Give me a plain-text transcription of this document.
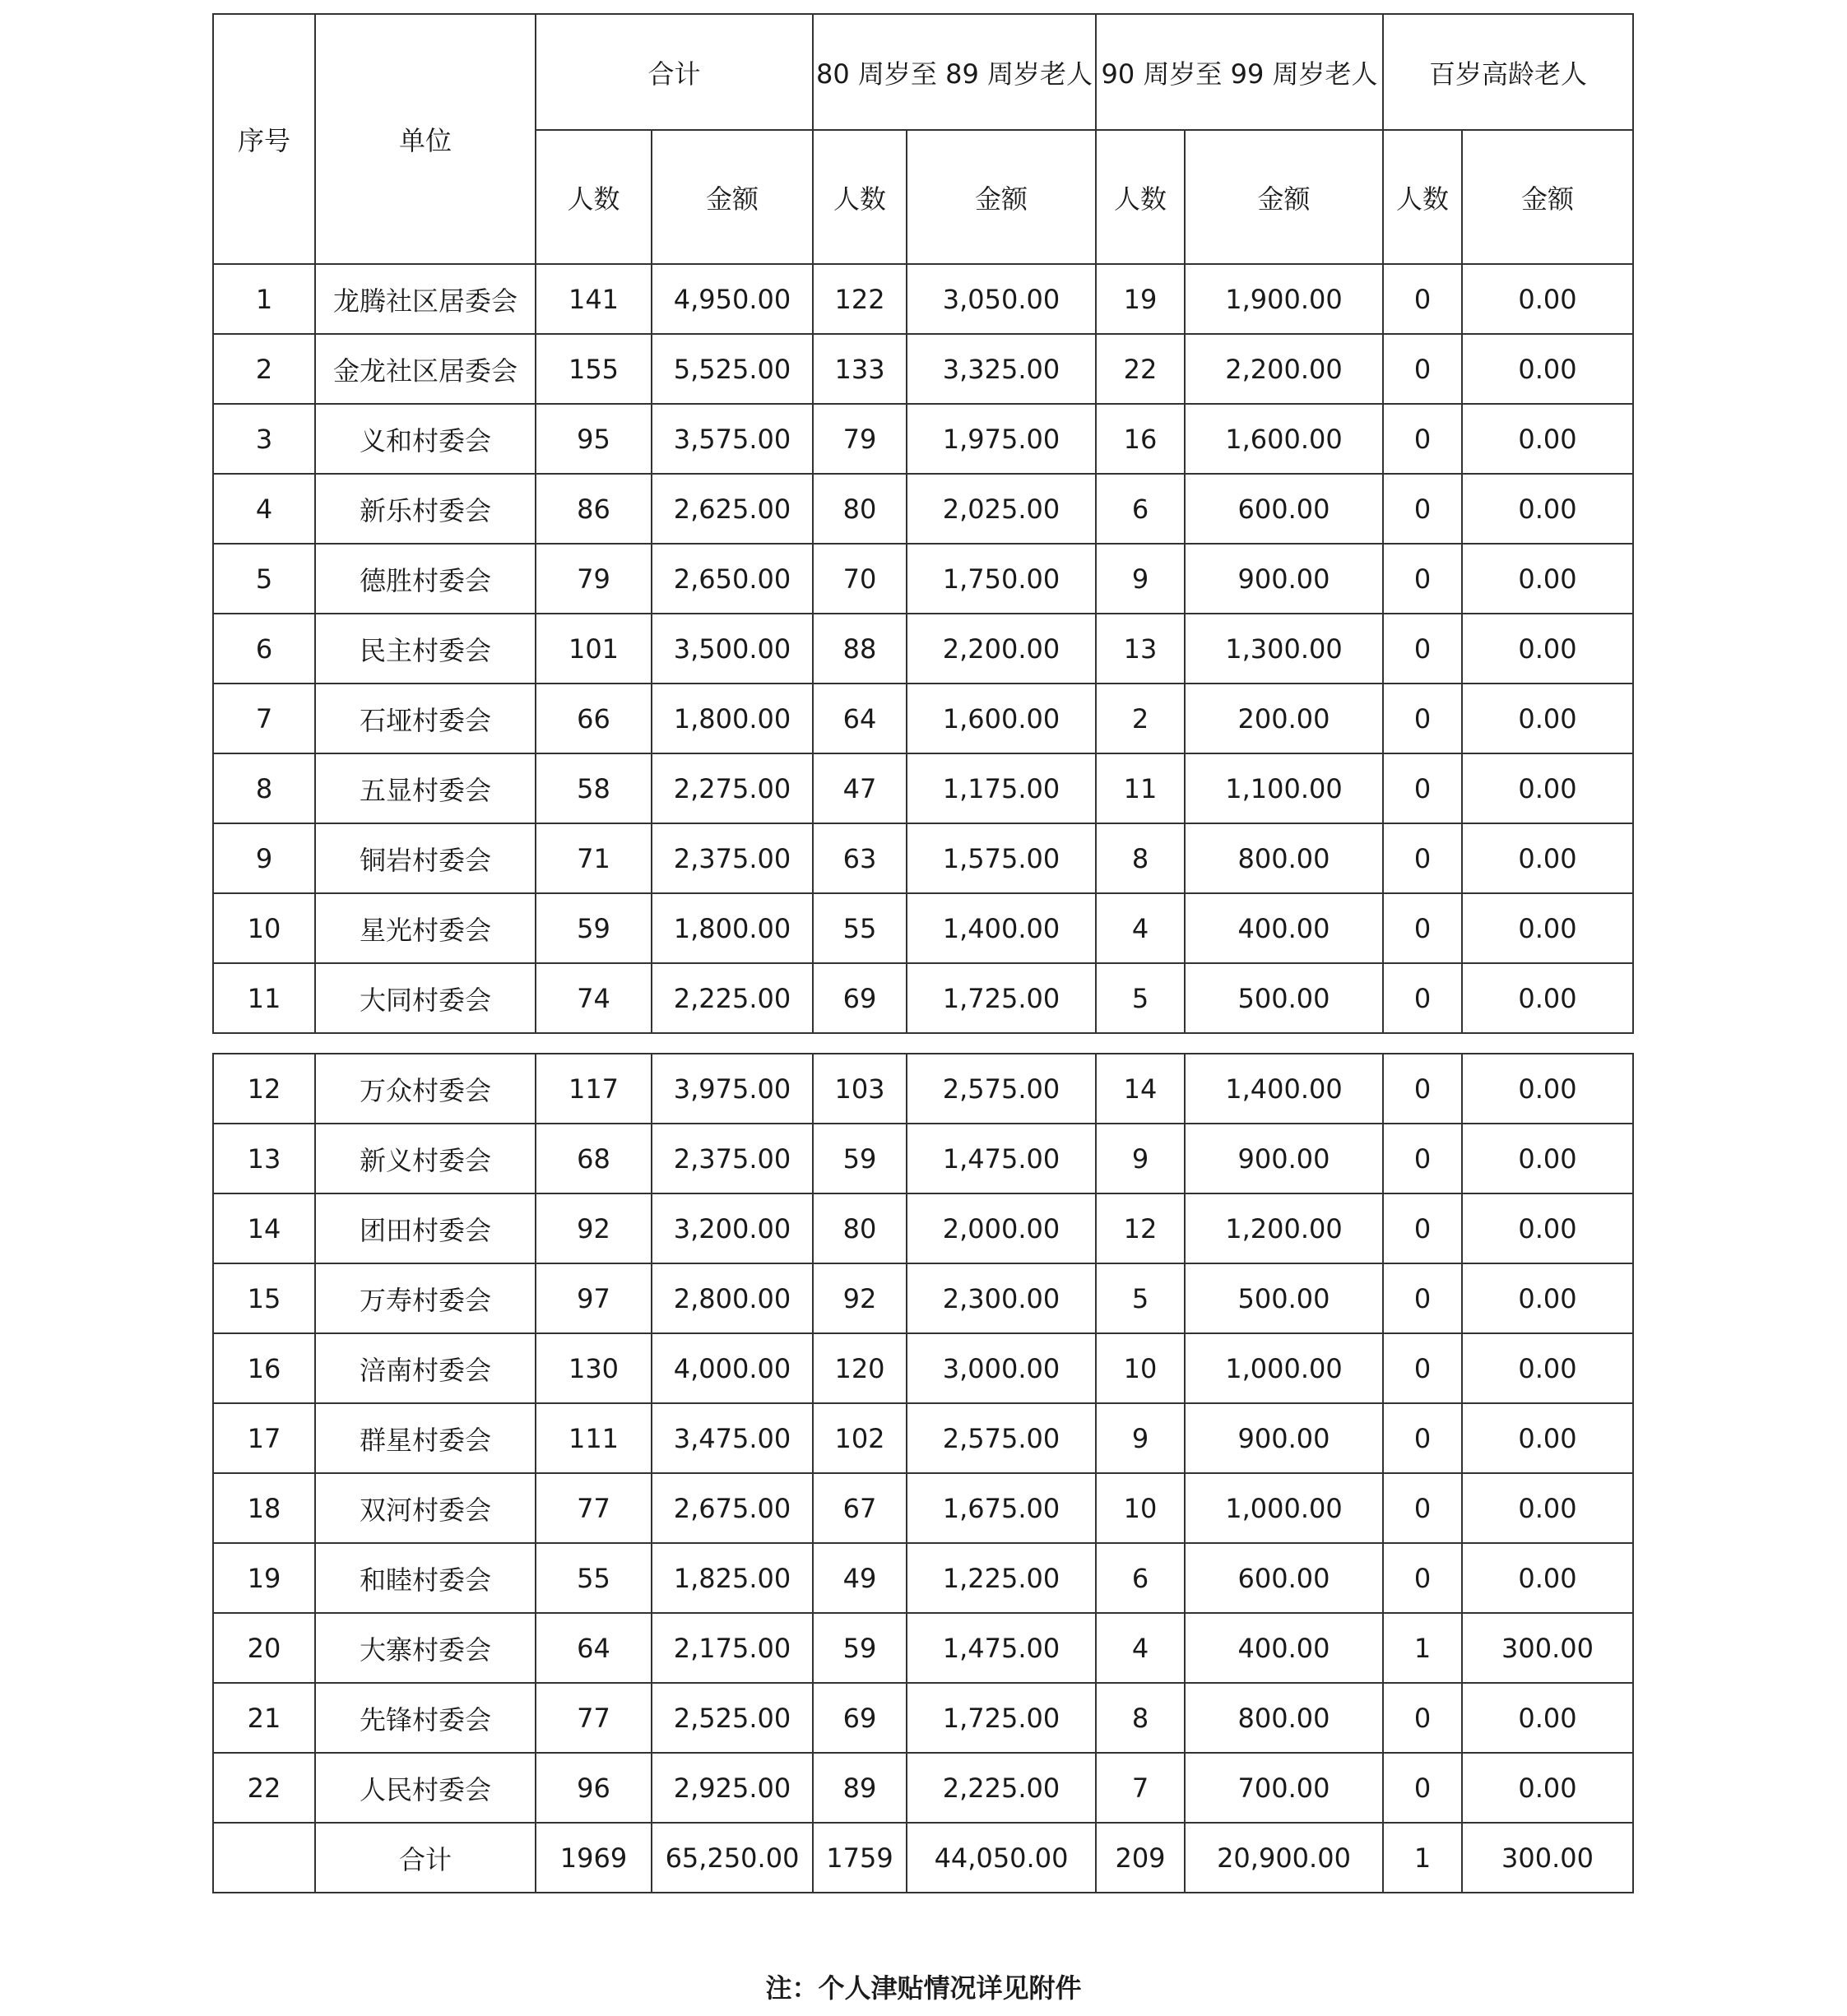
序号	单位	合计		80 周岁至 89 周岁老人		90 周岁至 99 周岁老人		百岁高龄老人	
		人数	金额	人数	金额	人数	金额	人数	金额
1	龙腾社区居委会	141	4,950.00	122	3,050.00	19	1,900.00	0	0.00
2	金龙社区居委会	155	5,525.00	133	3,325.00	22	2,200.00	0	0.00
3	义和村委会	95	3,575.00	79	1,975.00	16	1,600.00	0	0.00
4	新乐村委会	86	2,625.00	80	2,025.00	6	600.00	0	0.00
5	德胜村委会	79	2,650.00	70	1,750.00	9	900.00	0	0.00
6	民主村委会	101	3,500.00	88	2,200.00	13	1,300.00	0	0.00
7	石垭村委会	66	1,800.00	64	1,600.00	2	200.00	0	0.00
8	五显村委会	58	2,275.00	47	1,175.00	11	1,100.00	0	0.00
9	铜岩村委会	71	2,375.00	63	1,575.00	8	800.00	0	0.00
10	星光村委会	59	1,800.00	55	1,400.00	4	400.00	0	0.00
11	大同村委会	74	2,225.00	69	1,725.00	5	500.00	0	0.00
12	万众村委会	117	3,975.00	103	2,575.00	14	1,400.00	0	0.00
13	新义村委会	68	2,375.00	59	1,475.00	9	900.00	0	0.00
14	团田村委会	92	3,200.00	80	2,000.00	12	1,200.00	0	0.00
15	万寿村委会	97	2,800.00	92	2,300.00	5	500.00	0	0.00
16	涪南村委会	130	4,000.00	120	3,000.00	10	1,000.00	0	0.00
17	群星村委会	111	3,475.00	102	2,575.00	9	900.00	0	0.00
18	双河村委会	77	2,675.00	67	1,675.00	10	1,000.00	0	0.00
19	和睦村委会	55	1,825.00	49	1,225.00	6	600.00	0	0.00
20	大寨村委会	64	2,175.00	59	1,475.00	4	400.00	1	300.00
21	先锋村委会	77	2,525.00	69	1,725.00	8	800.00	0	0.00
22	人民村委会	96	2,925.00	89	2,225.00	7	700.00	0	0.00
	合计	1969	65,250.00	1759	44,050.00	209	20,900.00	1	300.00
注：个人津贴情况详见附件
